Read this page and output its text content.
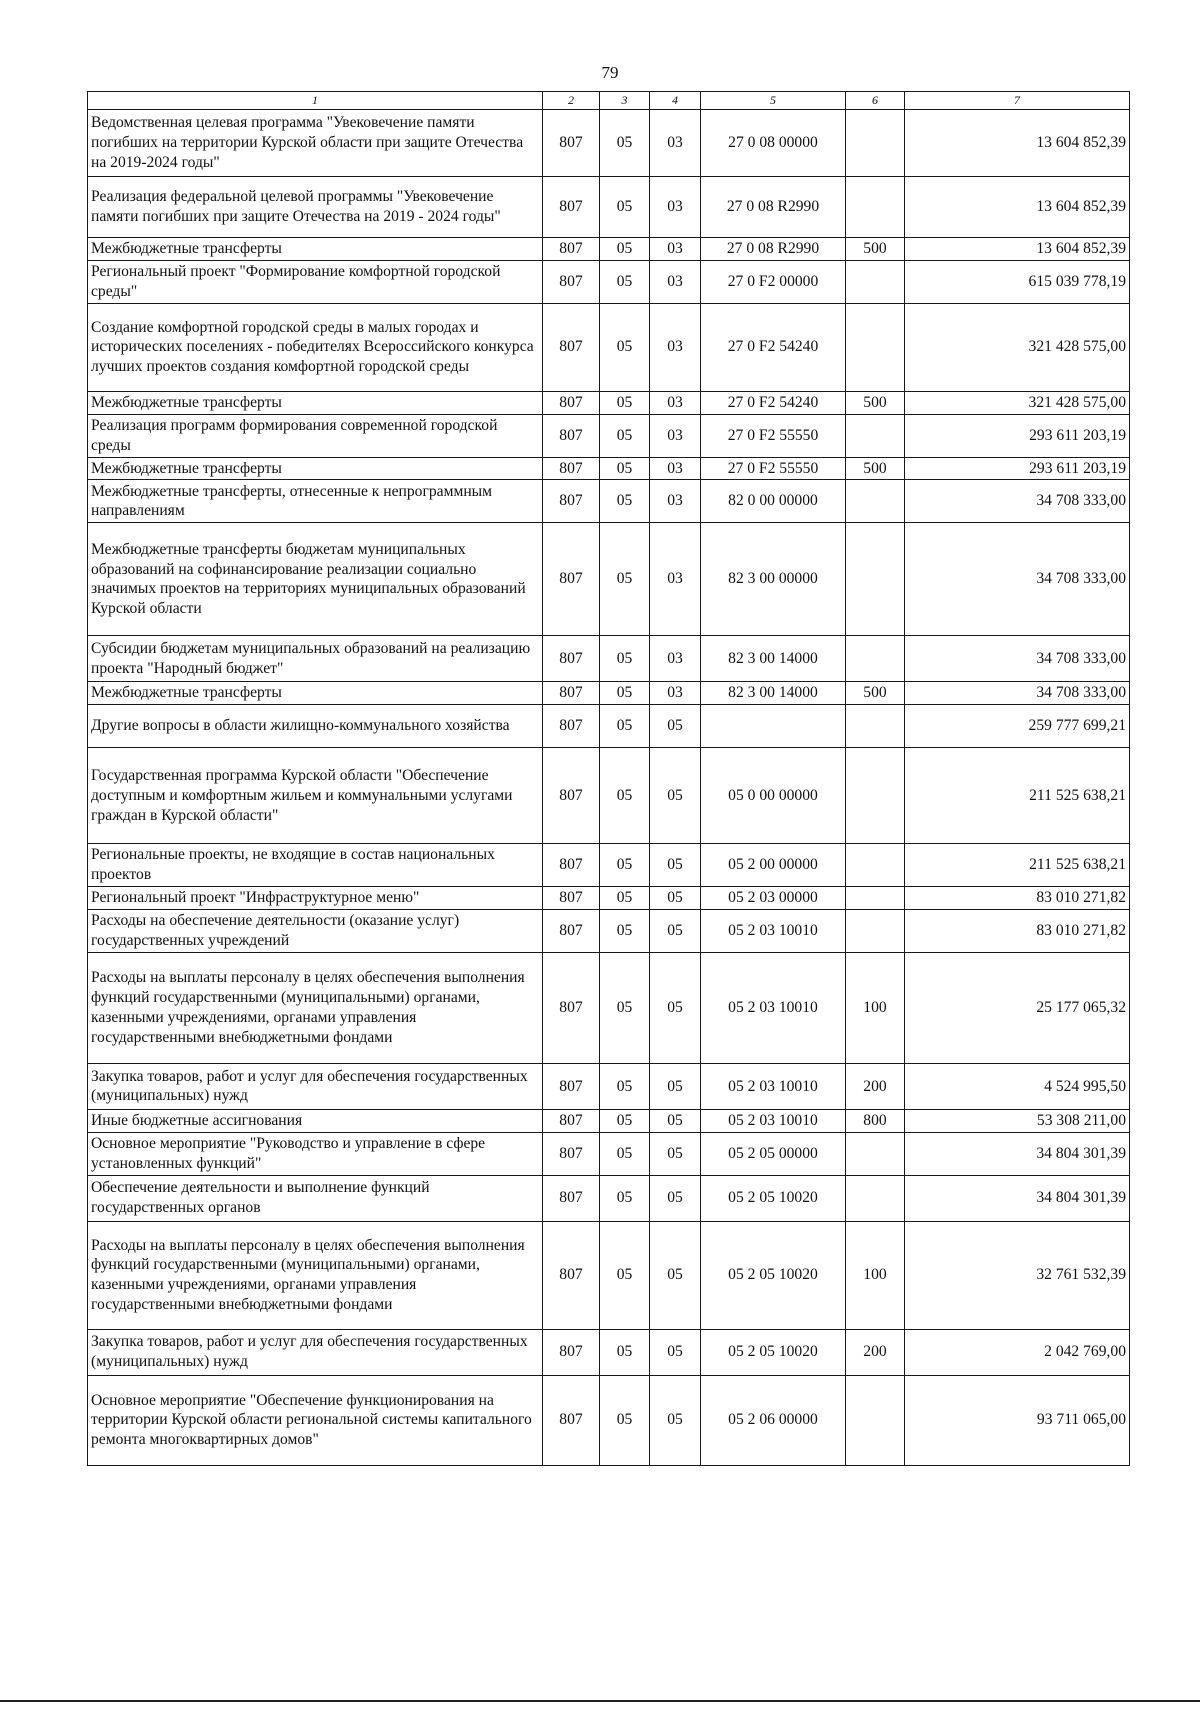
79
1	2	3	4	5	6	7
Ведомственная целевая программа "Увековечение памяти погибших на территории Курской области при защите Отечества на 2019-2024 годы"	807	05	03	27 0 08 00000		13 604 852,39
Реализация федеральной целевой программы "Увековечение памяти погибших при защите Отечества на 2019 - 2024 годы"	807	05	03	27 0 08 R2990		13 604 852,39
Межбюджетные трансферты	807	05	03	27 0 08 R2990	500	13 604 852,39
Региональный проект "Формирование комфортной городской среды"	807	05	03	27 0 F2 00000		615 039 778,19
Создание комфортной городской среды в малых городах и исторических поселениях - победителях Всероссийского конкурса лучших проектов создания комфортной городской среды	807	05	03	27 0 F2 54240		321 428 575,00
Межбюджетные трансферты	807	05	03	27 0 F2 54240	500	321 428 575,00
Реализация программ формирования современной городской среды	807	05	03	27 0 F2 55550		293 611 203,19
Межбюджетные трансферты	807	05	03	27 0 F2 55550	500	293 611 203,19
Межбюджетные трансферты, отнесенные к непрограммным направлениям	807	05	03	82 0 00 00000		34 708 333,00
Межбюджетные трансферты бюджетам муниципальных образований на софинансирование реализации социально значимых проектов на территориях муниципальных образований Курской области	807	05	03	82 3 00 00000		34 708 333,00
Субсидии бюджетам муниципальных образований на реализацию проекта "Народный бюджет"	807	05	03	82 3 00 14000		34 708 333,00
Межбюджетные трансферты	807	05	03	82 3 00 14000	500	34 708 333,00
Другие вопросы в области жилищно-коммунального хозяйства	807	05	05			259 777 699,21
Государственная программа Курской области "Обеспечение доступным и комфортным жильем и коммунальными услугами граждан в Курской области"	807	05	05	05 0 00 00000		211 525 638,21
Региональные проекты, не входящие в состав национальных проектов	807	05	05	05 2 00 00000		211 525 638,21
Региональный проект "Инфраструктурное меню"	807	05	05	05 2 03 00000		83 010 271,82
Расходы на обеспечение деятельности (оказание услуг) государственных учреждений	807	05	05	05 2 03 10010		83 010 271,82
Расходы на выплаты персоналу в целях обеспечения выполнения функций государственными (муниципальными) органами, казенными учреждениями, органами управления государственными внебюджетными фондами	807	05	05	05 2 03 10010	100	25 177 065,32
Закупка товаров, работ и услуг для обеспечения государственных (муниципальных) нужд	807	05	05	05 2 03 10010	200	4 524 995,50
Иные бюджетные ассигнования	807	05	05	05 2 03 10010	800	53 308 211,00
Основное мероприятие "Руководство и управление в сфере установленных функций"	807	05	05	05 2 05 00000		34 804 301,39
Обеспечение деятельности и выполнение функций государственных органов	807	05	05	05 2 05 10020		34 804 301,39
Расходы на выплаты персоналу в целях обеспечения выполнения функций государственными (муниципальными) органами, казенными учреждениями, органами управления государственными внебюджетными фондами	807	05	05	05 2 05 10020	100	32 761 532,39
Закупка товаров, работ и услуг для обеспечения государственных (муниципальных) нужд	807	05	05	05 2 05 10020	200	2 042 769,00
Основное мероприятие "Обеспечение функционирования на территории Курской области региональной системы капитального ремонта многоквартирных домов"	807	05	05	05 2 06 00000		93 711 065,00
